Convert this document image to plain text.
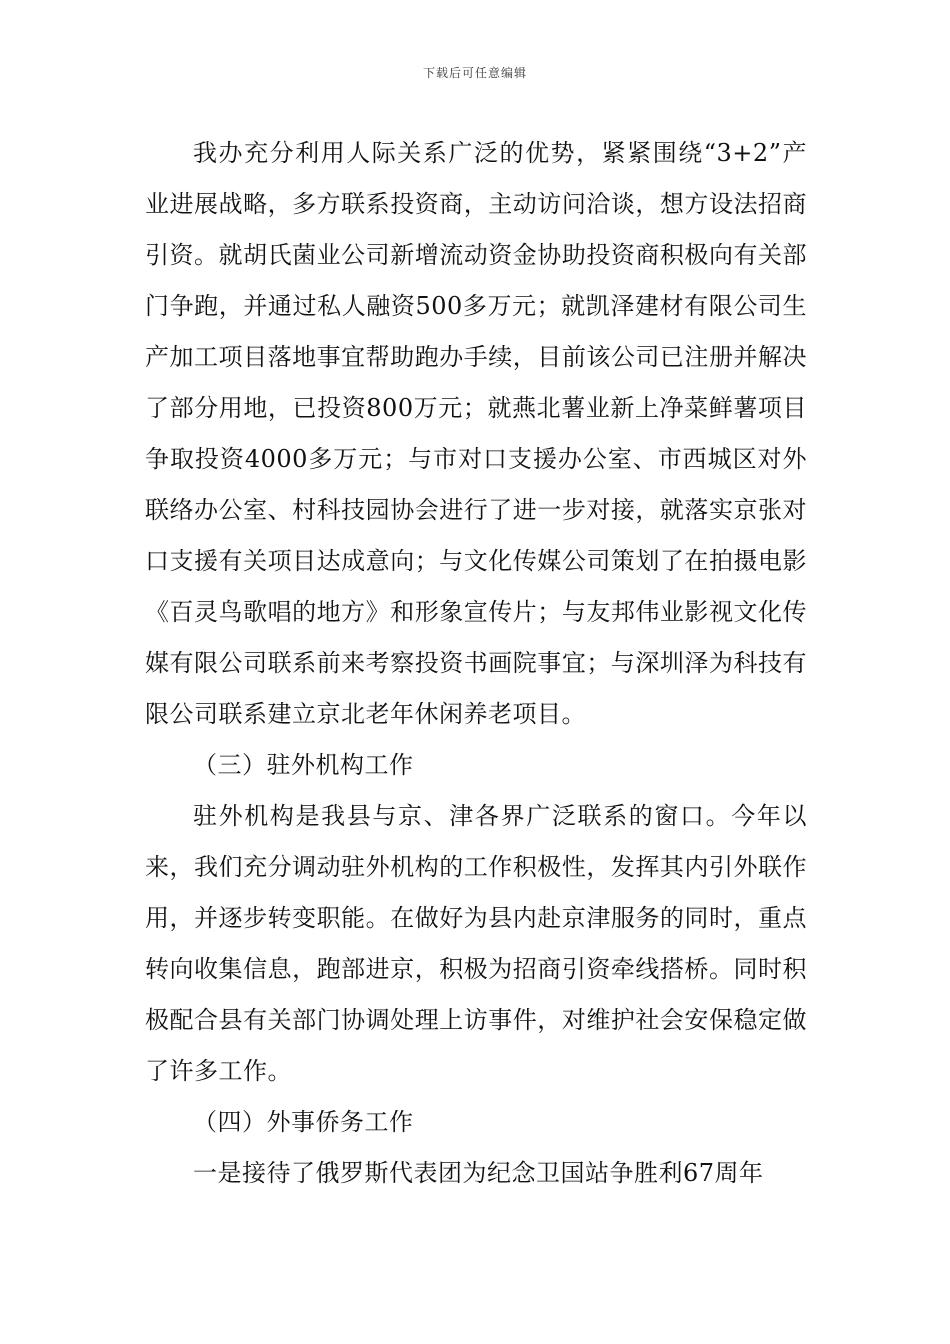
下载后可任意编辑

我办充分利用人际关系广泛的优势，紧紧围绕“3+2”产业进展战略，多方联系投资商，主动访问洽谈，想方设法招商引资。就胡氏菌业公司新增流动资金协助投资商积极向有关部门争跑，并通过私人融资500多万元；就凯泽建材有限公司生产加工项目落地事宜帮助跑办手续，目前该公司已注册并解决了部分用地，已投资800万元；就燕北薯业新上净菜鲜薯项目争取投资4000多万元；与市对口支援办公室、市西城区对外联络办公室、村科技园协会进行了进一步对接，就落实京张对口支援有关项目达成意向；与文化传媒公司策划了在拍摄电影《百灵鸟歌唱的地方》和形象宣传片；与友邦伟业影视文化传媒有限公司联系前来考察投资书画院事宜；与深圳泽为科技有限公司联系建立京北老年休闲养老项目。

（三）驻外机构工作

驻外机构是我县与京、津各界广泛联系的窗口。今年以来，我们充分调动驻外机构的工作积极性，发挥其内引外联作用，并逐步转变职能。在做好为县内赴京津服务的同时，重点转向收集信息，跑部进京，积极为招商引资牵线搭桥。同时积极配合县有关部门协调处理上访事件，对维护社会安保稳定做了许多工作。

（四）外事侨务工作

一是接待了俄罗斯代表团为纪念卫国站争胜利67周年
